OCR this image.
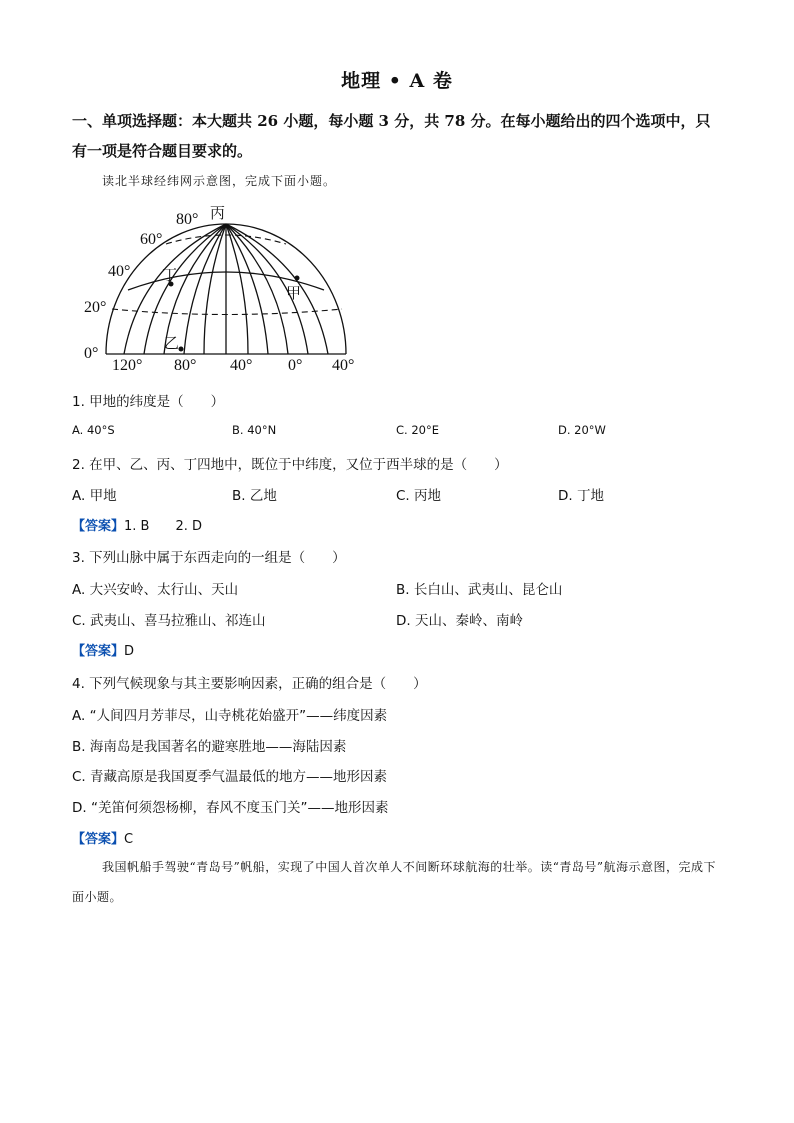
地理 • A 卷
一、单项选择题：本大题共 26 小题，每小题 3 分，共 78 分。在每小题给出的四个选项中，只有一项是符合题目要求的。
读北半球经纬网示意图，完成下面小题。
80°
60°
40°
20°
0°
120° 80° 40° 0° 40°
丙
丁
甲
乙
1. 甲地的纬度是（　　）
A. 40°S	B. 40°N	C. 20°E	D. 20°W
2. 在甲、乙、丙、丁四地中，既位于中纬度，又位于西半球的是（　　）
A. 甲地	B. 乙地	C. 丙地	D. 丁地
【答案】1. B 2. D
3. 下列山脉中属于东西走向的一组是（　　）
A. 大兴安岭、太行山、天山	B. 长白山、武夷山、昆仑山
C. 武夷山、喜马拉雅山、祁连山	D. 天山、秦岭、南岭
【答案】D
4. 下列气候现象与其主要影响因素，正确的组合是（　　）
A. “人间四月芳菲尽，山寺桃花始盛开”——纬度因素
B. 海南岛是我国著名的避寒胜地——海陆因素
C. 青藏高原是我国夏季气温最低的地方——地形因素
D. “羌笛何须怨杨柳，春风不度玉门关”——地形因素
【答案】C
我国帆船手驾驶“青岛号”帆船，实现了中国人首次单人不间断环球航海的壮举。读“青岛号”航海示意图，完成下面小题。
